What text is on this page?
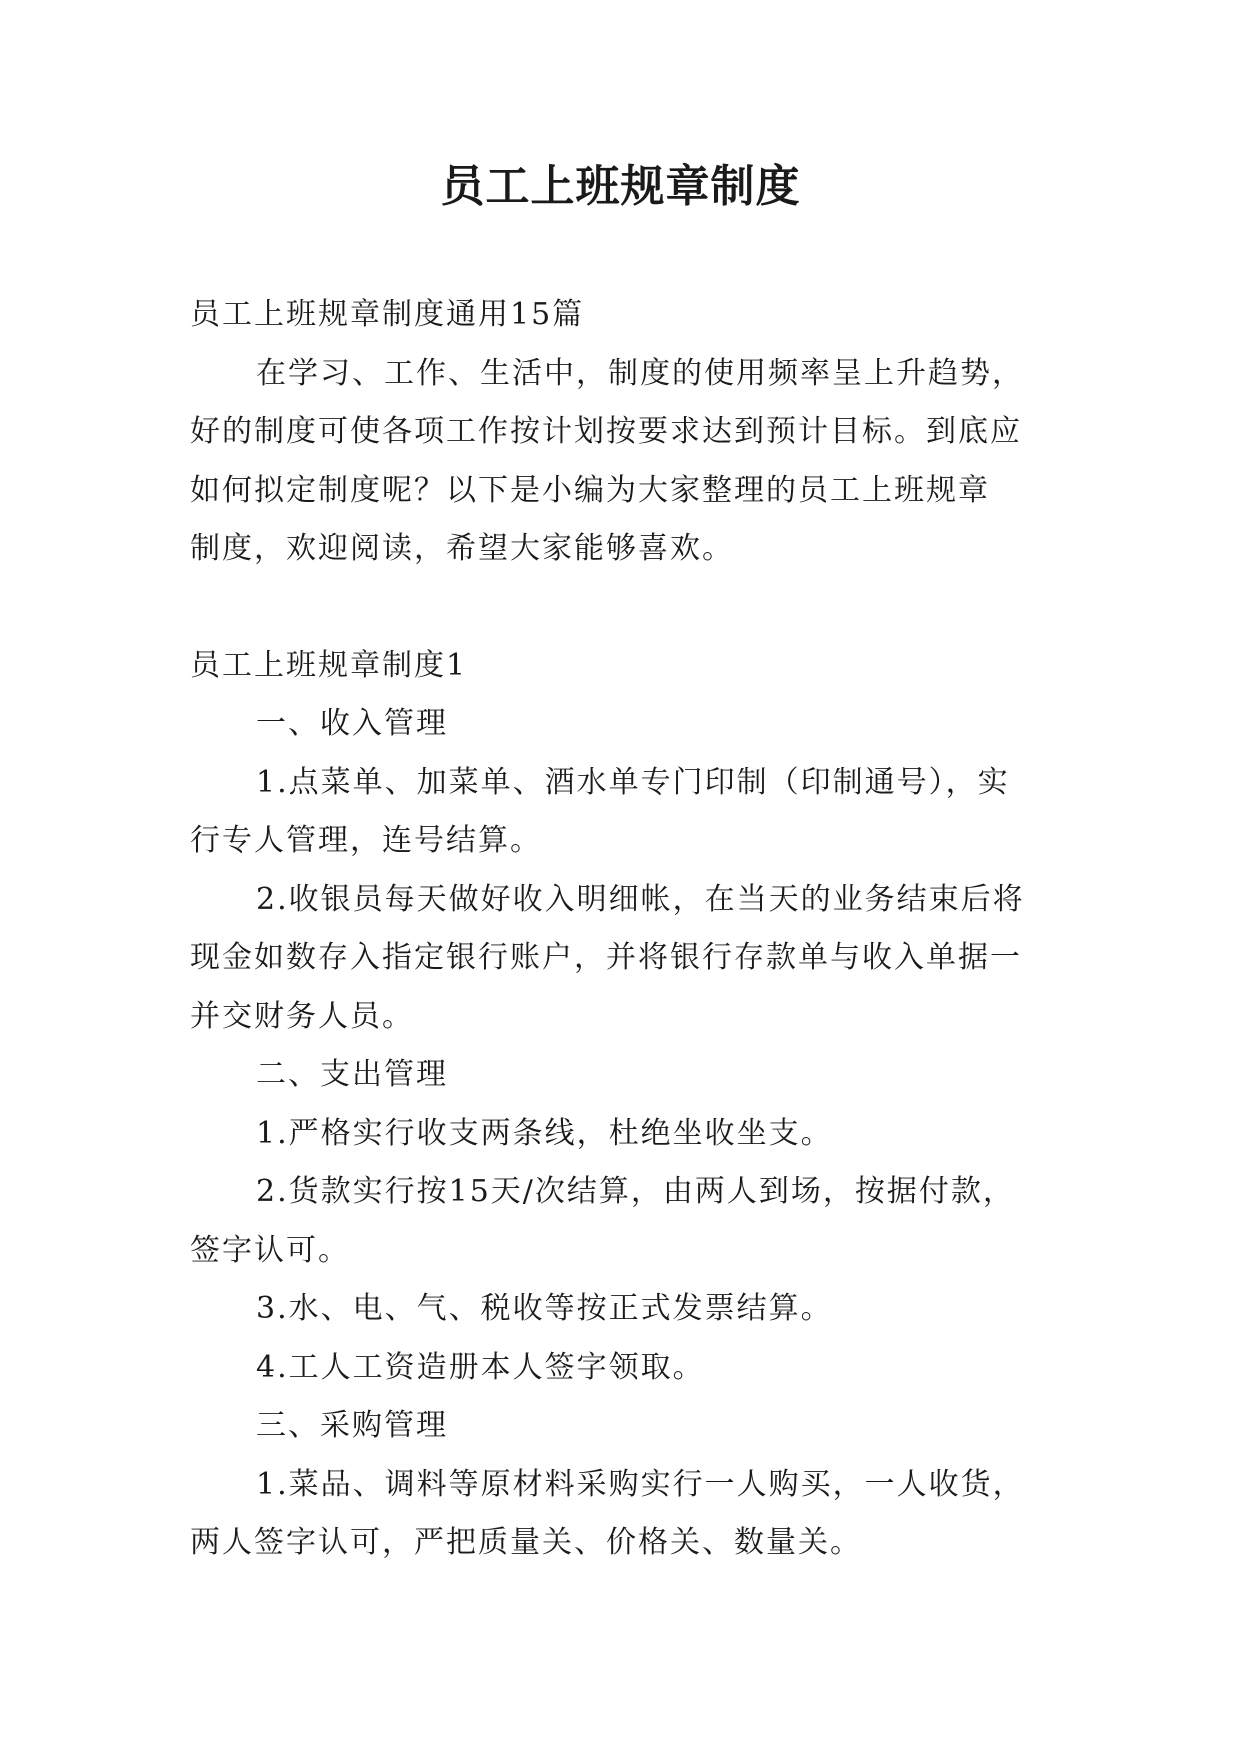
员工上班规章制度
员工上班规章制度通用15篇
在学习、工作、生活中，制度的使用频率呈上升趋势，
好的制度可使各项工作按计划按要求达到预计目标。到底应
如何拟定制度呢？以下是小编为大家整理的员工上班规章
制度，欢迎阅读，希望大家能够喜欢。
员工上班规章制度1
一、收入管理
1.点菜单、加菜单、酒水单专门印制（印制通号），实
行专人管理，连号结算。
2.收银员每天做好收入明细帐，在当天的业务结束后将
现金如数存入指定银行账户，并将银行存款单与收入单据一
并交财务人员。
二、支出管理
1.严格实行收支两条线，杜绝坐收坐支。
2.货款实行按15天/次结算，由两人到场，按据付款，
签字认可。
3.水、电、气、税收等按正式发票结算。
4.工人工资造册本人签字领取。
三、采购管理
1.菜品、调料等原材料采购实行一人购买，一人收货，
两人签字认可，严把质量关、价格关、数量关。
